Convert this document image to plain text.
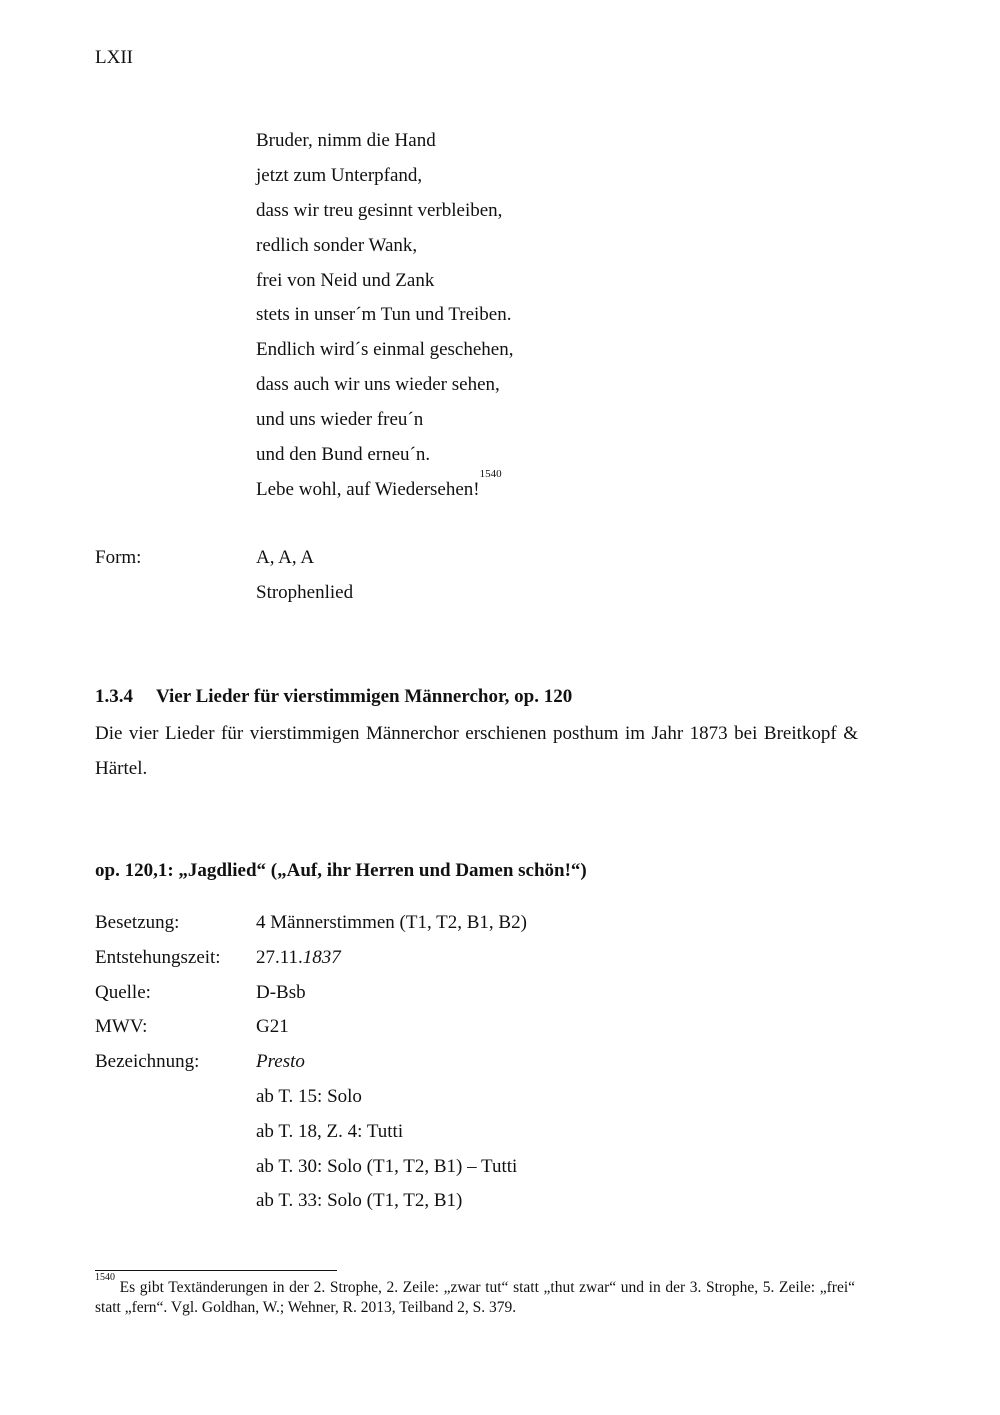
LXII
Bruder, nimm die Hand
jetzt zum Unterpfand,
dass wir treu gesinnt verbleiben,
redlich sonder Wank,
frei von Neid und Zank
stets in unser´m Tun und Treiben.
Endlich wird´s einmal geschehen,
dass auch wir uns wieder sehen,
und uns wieder freu´n
und den Bund erneu´n.
Lebe wohl, auf Wiedersehen!$^{1540}$
Form:	A, A, A
Strophenlied
1.3.4 Vier Lieder für vierstimmigen Männerchor, op. 120
Die vier Lieder für vierstimmigen Männerchor erschienen posthum im Jahr 1873 bei Breitkopf & Härtel.
op. 120,1: „Jagdlied“ („Auf, ihr Herren und Damen schön!“)
Besetzung:	4 Männerstimmen (T1, T2, B1, B2)
Entstehungszeit: 27.11.1837
Quelle:	D-Bsb
MWV:	G21
Bezeichnung:	Presto
ab T. 15: Solo
ab T. 18, Z. 4: Tutti
ab T. 30: Solo (T1, T2, B1) – Tutti
ab T. 33: Solo (T1, T2, B1)
$^{1540}$ Es gibt Textänderungen in der 2. Strophe, 2. Zeile: „zwar tut“ statt „thut zwar“ und in der 3. Strophe, 5. Zeile: „frei“ statt „fern“. Vgl. Goldhan, W.; Wehner, R. 2013, Teilband 2, S. 379.
